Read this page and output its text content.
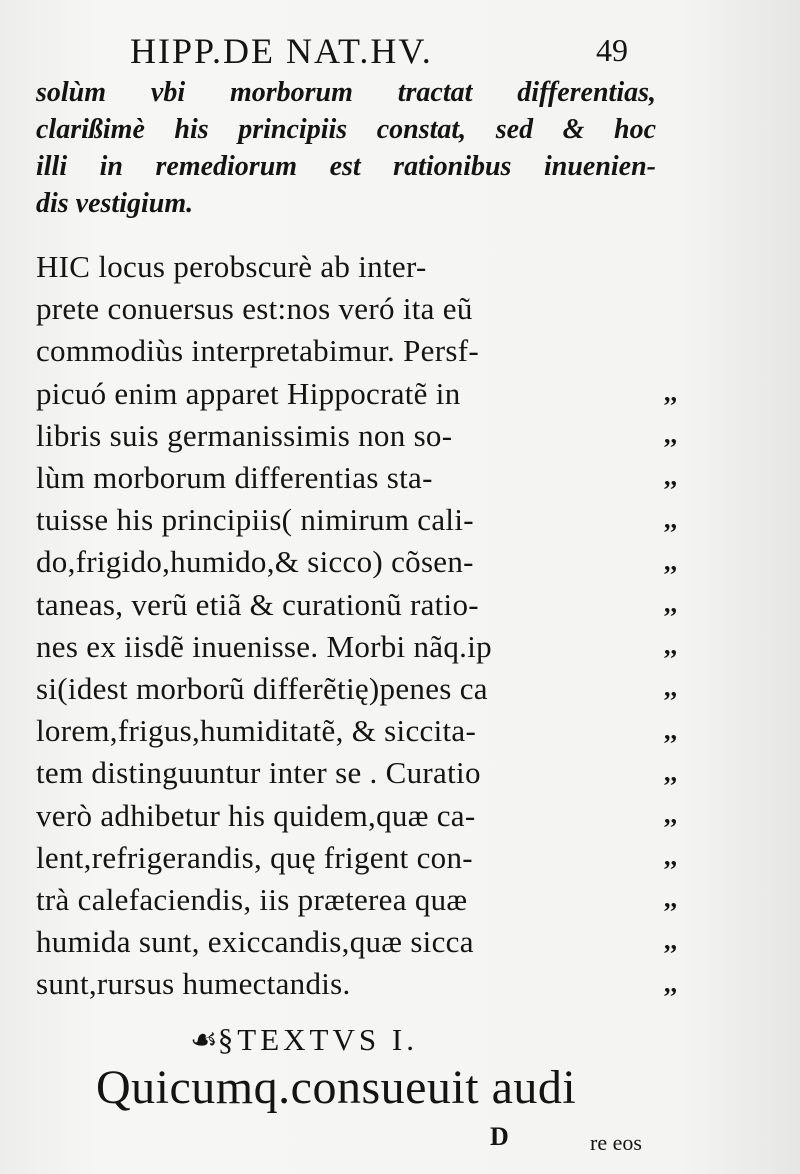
HIPP.DE NAT.HV.	49
solùm vbi morborum tractat differentias,
clarißimè his principiis constat, sed & hoc
illi in remediorum est rationibus inuenien-
dis vestigium.
HIC locus perobscurè ab inter-
prete conuersus est:nos veró ita eũ
commodiùs interpretabimur. Persf-
picuó enim apparet Hippocratẽ in
libris suis germanissimis non so-
lùm morborum differentias sta-
tuisse his principiis( nimirum cali-
do,frigido,humido,& sicco) cõsen-
taneas, verũ etiã & curationũ ratio-
nes ex iisdẽ inuenisse. Morbi nãq.ip
si(idest morborũ differẽtię)penes ca
lorem,frigus,humiditatẽ, & siccita-
tem distinguuntur inter se . Curatio
verò adhibetur his quidem,quæ ca-
lent,refrigerandis, quę frigent con-
trà calefaciendis, iis præterea quæ
humida sunt, exiccandis,quæ sicca
sunt,rursus humectandis.
,,
,,
,,
,,
,,
,,
,,
,,
,,
,,
,,
,,
,,
,,
,,
☙§ TEXTVS I.
Quicumq.consueuit audi
D	re eos
